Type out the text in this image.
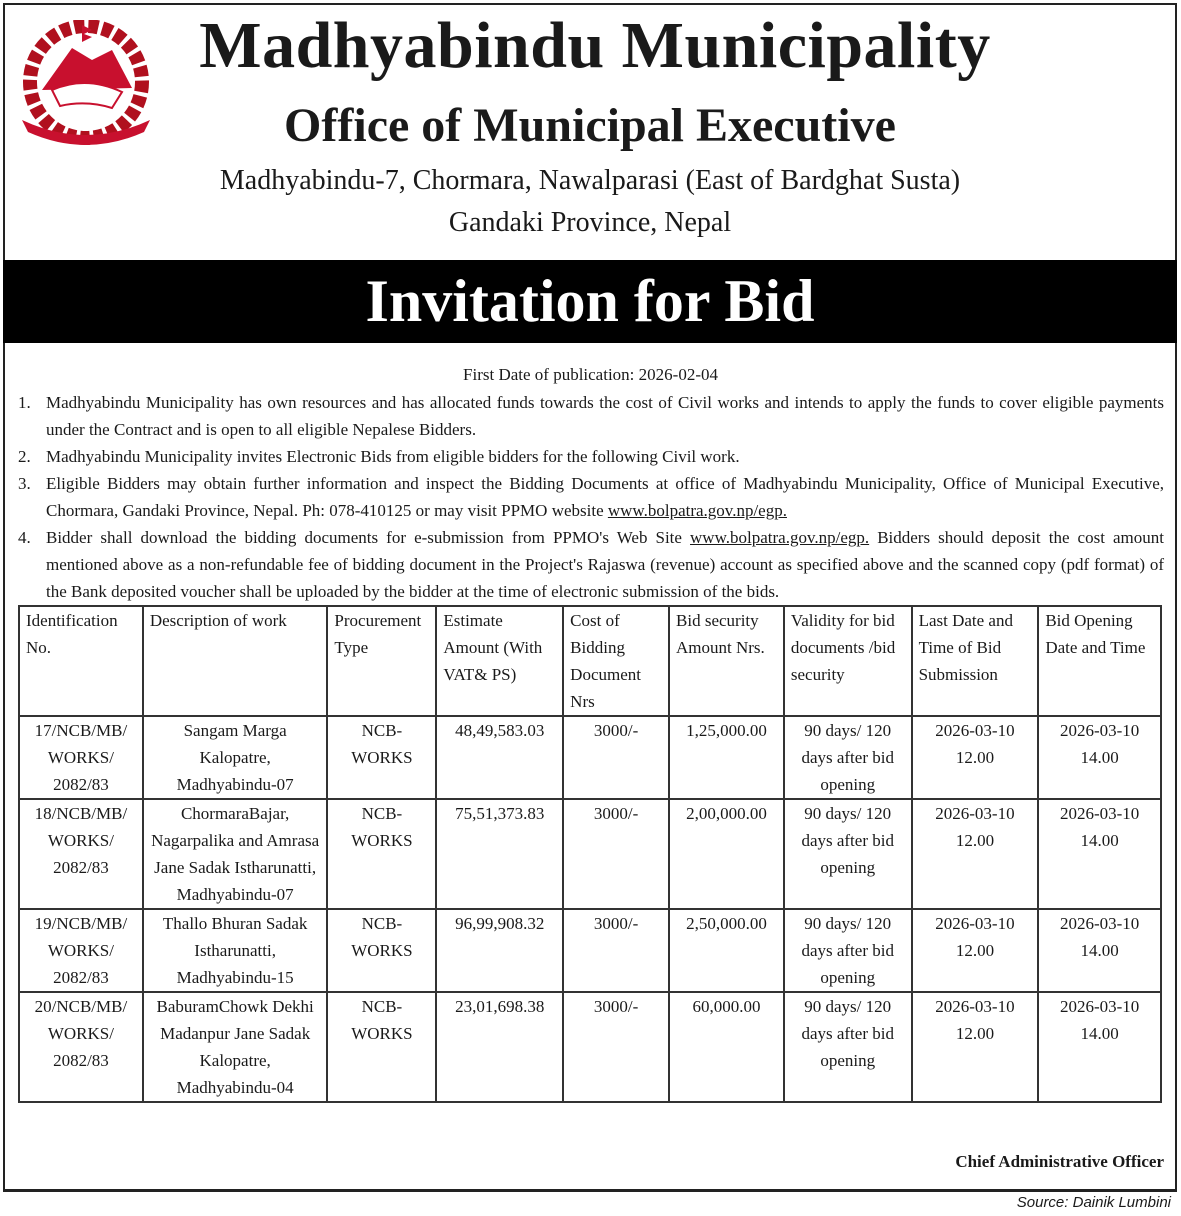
Madhyabindu Municipality
Office of Municipal Executive
Madhyabindu-7, Chormara, Nawalparasi (East of Bardghat Susta)
Gandaki Province, Nepal
Invitation for Bid
First Date of publication: 2026-02-04
1. Madhyabindu Municipality has own resources and has allocated funds towards the cost of Civil works and intends to apply the funds to cover eligible payments under the Contract and is open to all eligible Nepalese Bidders.
2. Madhyabindu Municipality invites Electronic Bids from eligible bidders for the following Civil work.
3. Eligible Bidders may obtain further information and inspect the Bidding Documents at office of Madhyabindu Municipality, Office of Municipal Executive, Chormara, Gandaki Province, Nepal. Ph: 078-410125 or may visit PPMO website www.bolpatra.gov.np/egp.
4. Bidder shall download the bidding documents for e-submission from PPMO's Web Site www.bolpatra.gov.np/egp. Bidders should deposit the cost amount mentioned above as a non-refundable fee of bidding document in the Project's Rajaswa (revenue) account as specified above and the scanned copy (pdf format) of the Bank deposited voucher shall be uploaded by the bidder at the time of electronic submission of the bids.
Identification No.	Description of work	Procurement Type	Estimate Amount (With VAT& PS)	Cost of Bidding Document Nrs	Bid security Amount Nrs.	Validity for bid documents /bid security	Last Date and Time of Bid Submission	Bid Opening Date and Time
17/NCB/MB/ WORKS/ 2082/83	Sangam Marga Kalopatre, Madhyabindu-07	NCB-WORKS	48,49,583.03	3000/-	1,25,000.00	90 days/ 120 days after bid opening	2026-03-10 12.00	2026-03-10 14.00
18/NCB/MB/ WORKS/ 2082/83	ChormaraBajar, Nagarpalika and Amrasa Jane Sadak Istharunatti, Madhyabindu-07	NCB-WORKS	75,51,373.83	3000/-	2,00,000.00	90 days/ 120 days after bid opening	2026-03-10 12.00	2026-03-10 14.00
19/NCB/MB/ WORKS/ 2082/83	Thallo Bhuran Sadak Istharunatti, Madhyabindu-15	NCB-WORKS	96,99,908.32	3000/-	2,50,000.00	90 days/ 120 days after bid opening	2026-03-10 12.00	2026-03-10 14.00
20/NCB/MB/ WORKS/ 2082/83	BaburamChowk Dekhi Madanpur Jane Sadak Kalopatre, Madhyabindu-04	NCB-WORKS	23,01,698.38	3000/-	60,000.00	90 days/ 120 days after bid opening	2026-03-10 12.00	2026-03-10 14.00
Chief Administrative Officer
Source: Dainik Lumbini
